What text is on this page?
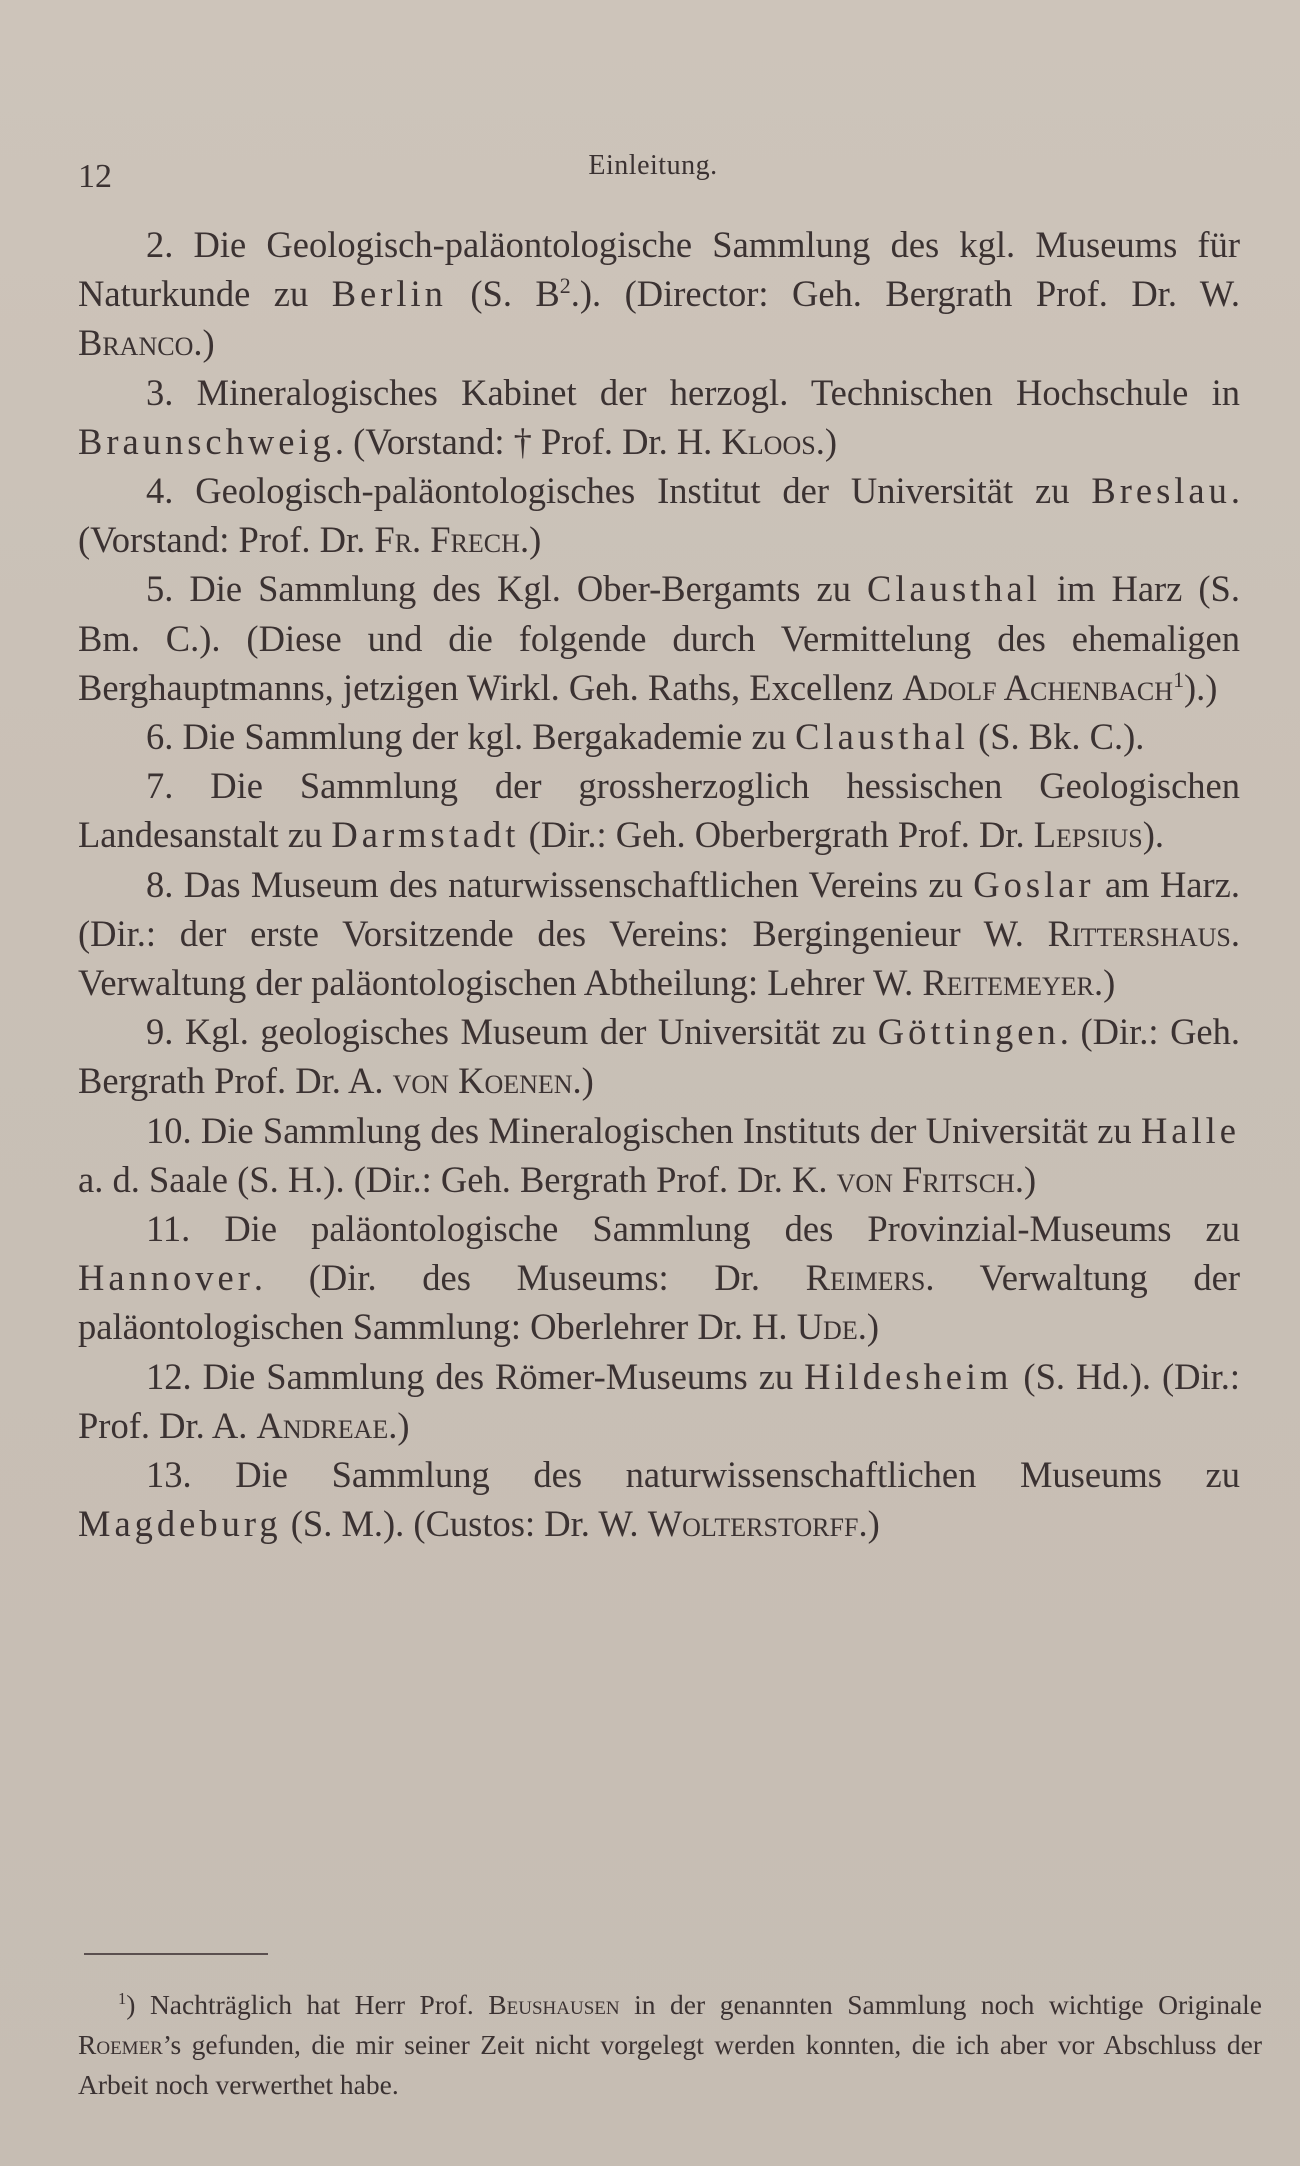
12	Einleitung.

2. Die Geologisch-paläontologische Sammlung des kgl. Museums für Naturkunde zu Berlin (S. $B^2$.). (Director: Geh. Bergrath Prof. Dr. W. Branco.)

3. Mineralogisches Kabinet der herzogl. Technischen Hochschule in Braunschweig. (Vorstand: † Prof. Dr. H. Kloos.)

4. Geologisch-paläontologisches Institut der Universität zu Breslau. (Vorstand: Prof. Dr. Fr. Frech.)

5. Die Sammlung des Kgl. Ober-Bergamts zu Clausthal im Harz (S. Bm. C.). (Diese und die folgende durch Vermittelung des ehemaligen Berghauptmanns, jetzigen Wirkl. Geh. Raths, Excellenz Adolf Achenbach$^1$).)

6. Die Sammlung der kgl. Bergakademie zu Clausthal (S. Bk. C.).

7. Die Sammlung der grossherzoglich hessischen Geologischen Landesanstalt zu Darmstadt (Dir.: Geh. Oberbergrath Prof. Dr. Lepsius).

8. Das Museum des naturwissenschaftlichen Vereins zu Goslar am Harz. (Dir.: der erste Vorsitzende des Vereins: Bergingenieur W. Rittershaus. Verwaltung der paläontologischen Abtheilung: Lehrer W. Reitemeyer.)

9. Kgl. geologisches Museum der Universität zu Göttingen. (Dir.: Geh. Bergrath Prof. Dr. A. von Koenen.)

10. Die Sammlung des Mineralogischen Instituts der Universität zu Halle a. d. Saale (S. H.). (Dir.: Geh. Bergrath Prof. Dr. K. von Fritsch.)

11. Die paläontologische Sammlung des Provinzial-Museums zu Hannover. (Dir. des Museums: Dr. Reimers. Verwaltung der paläontologischen Sammlung: Oberlehrer Dr. H. Ude.)

12. Die Sammlung des Römer-Museums zu Hildesheim (S. Hd.). (Dir.: Prof. Dr. A. Andreae.)

13. Die Sammlung des naturwissenschaftlichen Museums zu Magdeburg (S. M.). (Custos: Dr. W. Wolterstorff.)

$^1$) Nachträglich hat Herr Prof. Beushausen in der genannten Sammlung noch wichtige Originale Roemer’s gefunden, die mir seiner Zeit nicht vorgelegt werden konnten, die ich aber vor Abschluss der Arbeit noch verwerthet habe.
